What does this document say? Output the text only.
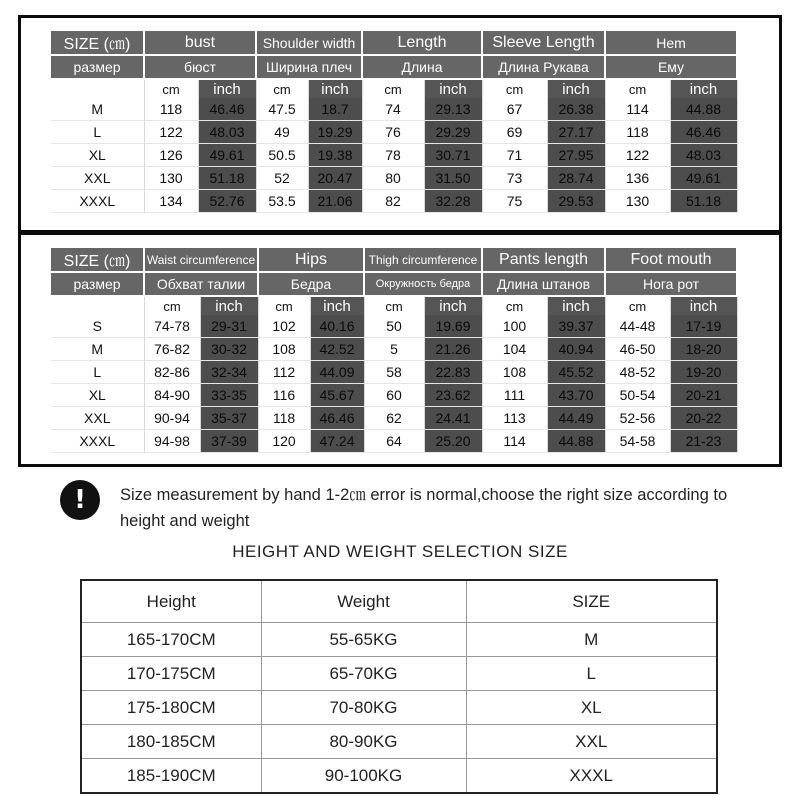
SIZE (㎝)	bust		Shoulder width		Length		Sleeve Length		Hem	
размер	бюст		Ширина плеч		Длина		Длина Рукава		Ему	
	cm	inch	cm	inch	cm	inch	cm	inch	cm	inch
M	118	46.46	47.5	18.7	74	29.13	67	26.38	114	44.88
L	122	48.03	49	19.29	76	29.29	69	27.17	118	46.46
XL	126	49.61	50.5	19.38	78	30.71	71	27.95	122	48.03
XXL	130	51.18	52	20.47	80	31.50	73	28.74	136	49.61
XXXL	134	52.76	53.5	21.06	82	32.28	75	29.53	130	51.18
SIZE (㎝)	Waist circumference		Hips		Thigh circumference		Pants length		Foot mouth	
размер	Обхват талии		Бедра		Окружность бедра		Длина штанов		Нога рот	
	cm	inch	cm	inch	cm	inch	cm	inch	cm	inch
S	74-78	29-31	102	40.16	50	19.69	100	39.37	44-48	17-19
M	76-82	30-32	108	42.52	5	21.26	104	40.94	46-50	18-20
L	82-86	32-34	112	44.09	58	22.83	108	45.52	48-52	19-20
XL	84-90	33-35	116	45.67	60	23.62	111	43.70	50-54	20-21
XXL	90-94	35-37	118	46.46	62	24.41	113	44.49	52-56	20-22
XXXL	94-98	37-39	120	47.24	64	25.20	114	44.88	54-58	21-23
!	Size measurement by hand 1-2㎝ error is normal,choose the right size according to height and weight
HEIGHT AND WEIGHT SELECTION SIZE
Height	Weight	SIZE
165-170CM	55-65KG	M
170-175CM	65-70KG	L
175-180CM	70-80KG	XL
180-185CM	80-90KG	XXL
185-190CM	90-100KG	XXXL
